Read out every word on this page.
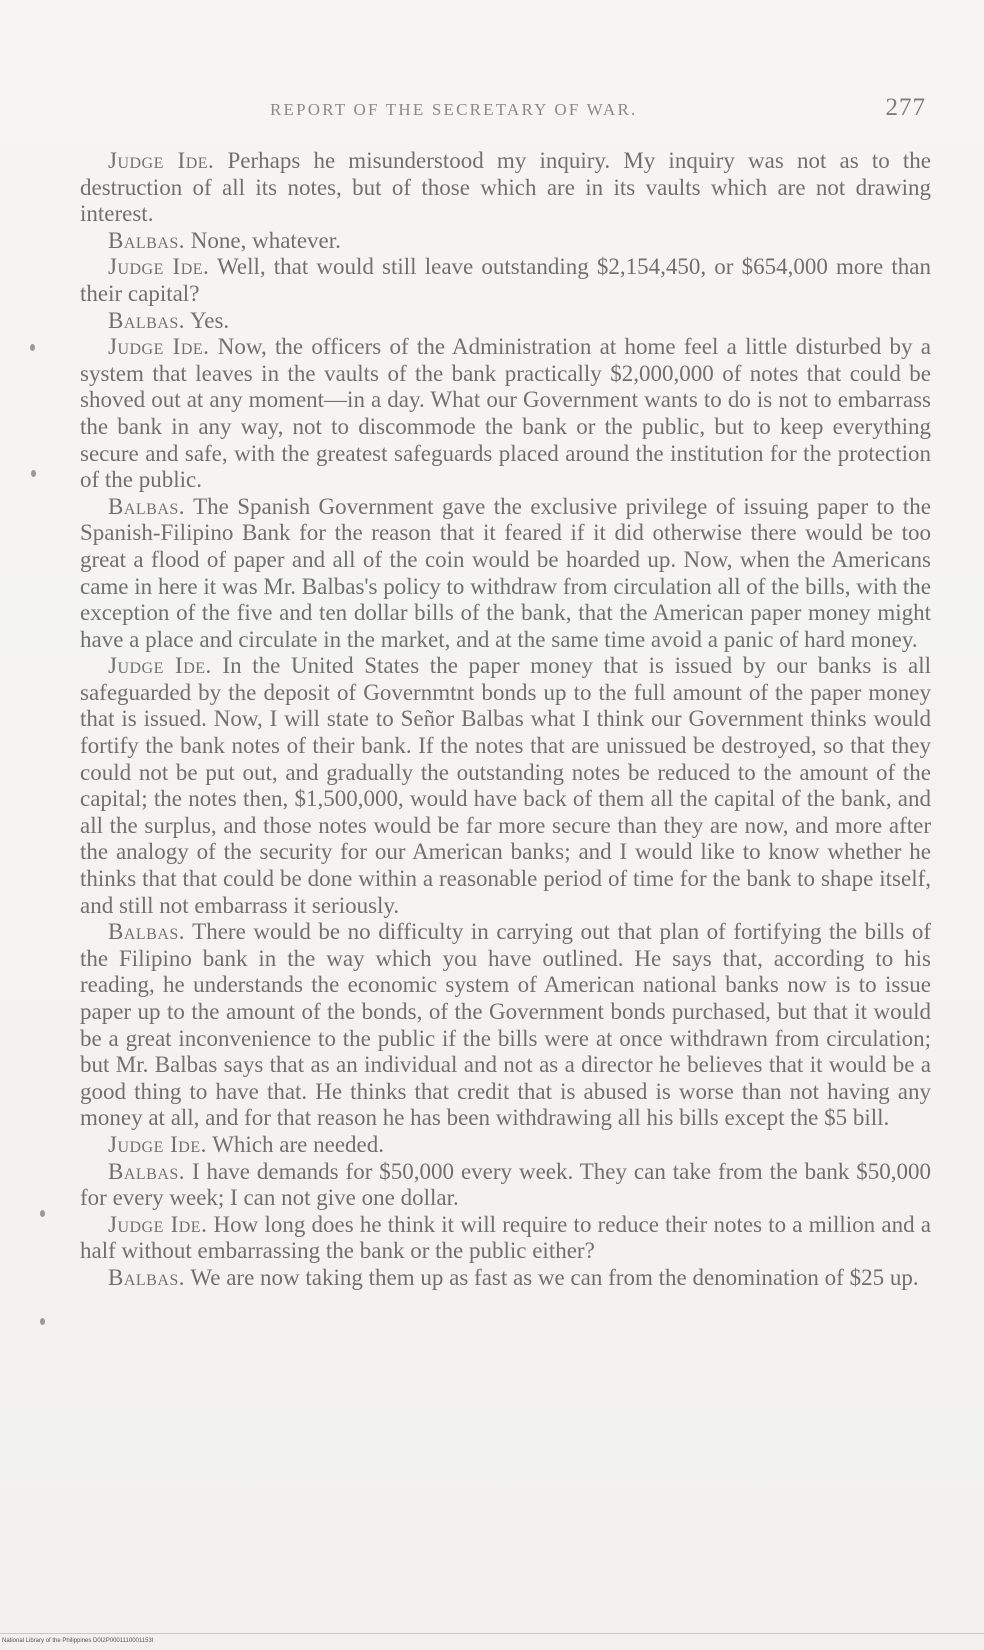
REPORT OF THE SECRETARY OF WAR.	277

Judge Ide. Perhaps he misunderstood my inquiry. My inquiry was not as to the destruction of all its notes, but of those which are in its vaults which are not drawing interest.

Balbas. None, whatever.

Judge Ide. Well, that would still leave outstanding $2,154,450, or $654,000 more than their capital?

Balbas. Yes.

Judge Ide. Now, the officers of the Administration at home feel a little disturbed by a system that leaves in the vaults of the bank practically $2,000,000 of notes that could be shoved out at any moment—in a day. What our Government wants to do is not to embarrass the bank in any way, not to discommode the bank or the public, but to keep everything secure and safe, with the greatest safeguards placed around the institution for the protection of the public.

Balbas. The Spanish Government gave the exclusive privilege of issuing paper to the Spanish-Filipino Bank for the reason that it feared if it did otherwise there would be too great a flood of paper and all of the coin would be hoarded up. Now, when the Americans came in here it was Mr. Balbas's policy to withdraw from circulation all of the bills, with the exception of the five and ten dollar bills of the bank, that the American paper money might have a place and circulate in the market, and at the same time avoid a panic of hard money.

Judge Ide. In the United States the paper money that is issued by our banks is all safeguarded by the deposit of Governmtnt bonds up to the full amount of the paper money that is issued. Now, I will state to Señor Balbas what I think our Government thinks would fortify the bank notes of their bank. If the notes that are unissued be destroyed, so that they could not be put out, and gradually the outstanding notes be reduced to the amount of the capital; the notes then, $1,500,000, would have back of them all the capital of the bank, and all the surplus, and those notes would be far more secure than they are now, and more after the analogy of the security for our American banks; and I would like to know whether he thinks that that could be done within a reasonable period of time for the bank to shape itself, and still not embarrass it seriously.

Balbas. There would be no difficulty in carrying out that plan of fortifying the bills of the Filipino bank in the way which you have outlined. He says that, according to his reading, he understands the economic system of American national banks now is to issue paper up to the amount of the bonds, of the Government bonds purchased, but that it would be a great inconvenience to the public if the bills were at once withdrawn from circulation; but Mr. Balbas says that as an individual and not as a director he believes that it would be a good thing to have that. He thinks that credit that is abused is worse than not having any money at all, and for that reason he has been withdrawing all his bills except the $5 bill.

Judge Ide. Which are needed.

Balbas. I have demands for $50,000 every week. They can take from the bank $50,000 for every week; I can not give one dollar.

Judge Ide. How long does he think it will require to reduce their notes to a million and a half without embarrassing the bank or the public either?

Balbas. We are now taking them up as fast as we can from the denomination of $25 up.

National Library of the Philippines D0I2P0001110001153I
